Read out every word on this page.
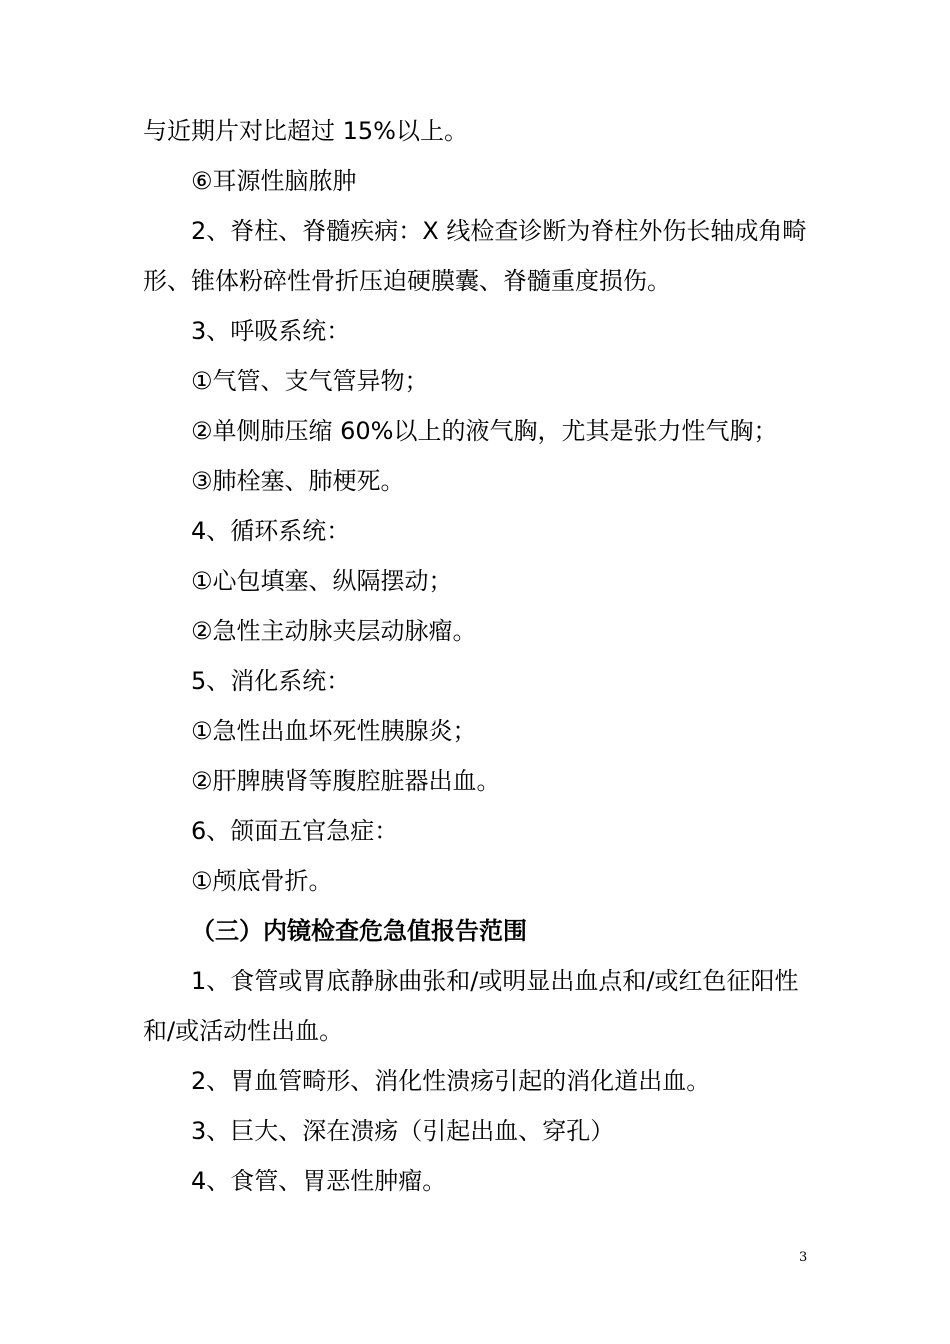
与近期片对比超过 15%以上。

⑥耳源性脑脓肿

2、脊柱、脊髓疾病：X 线检查诊断为脊柱外伤长轴成角畸

形、锥体粉碎性骨折压迫硬膜囊、脊髓重度损伤。

3、呼吸系统：

①气管、支气管异物；

②单侧肺压缩 60%以上的液气胸，尤其是张力性气胸；

③肺栓塞、肺梗死。

4、循环系统：

①心包填塞、纵隔摆动；

②急性主动脉夹层动脉瘤。

5、消化系统：

①急性出血坏死性胰腺炎；

②肝脾胰肾等腹腔脏器出血。

6、颌面五官急症：

①颅底骨折。

（三）内镜检查危急值报告范围

1、食管或胃底静脉曲张和/或明显出血点和/或红色征阳性

和/或活动性出血。

2、胃血管畸形、消化性溃疡引起的消化道出血。

3、巨大、深在溃疡（引起出血、穿孔）

4、食管、胃恶性肿瘤。

3
